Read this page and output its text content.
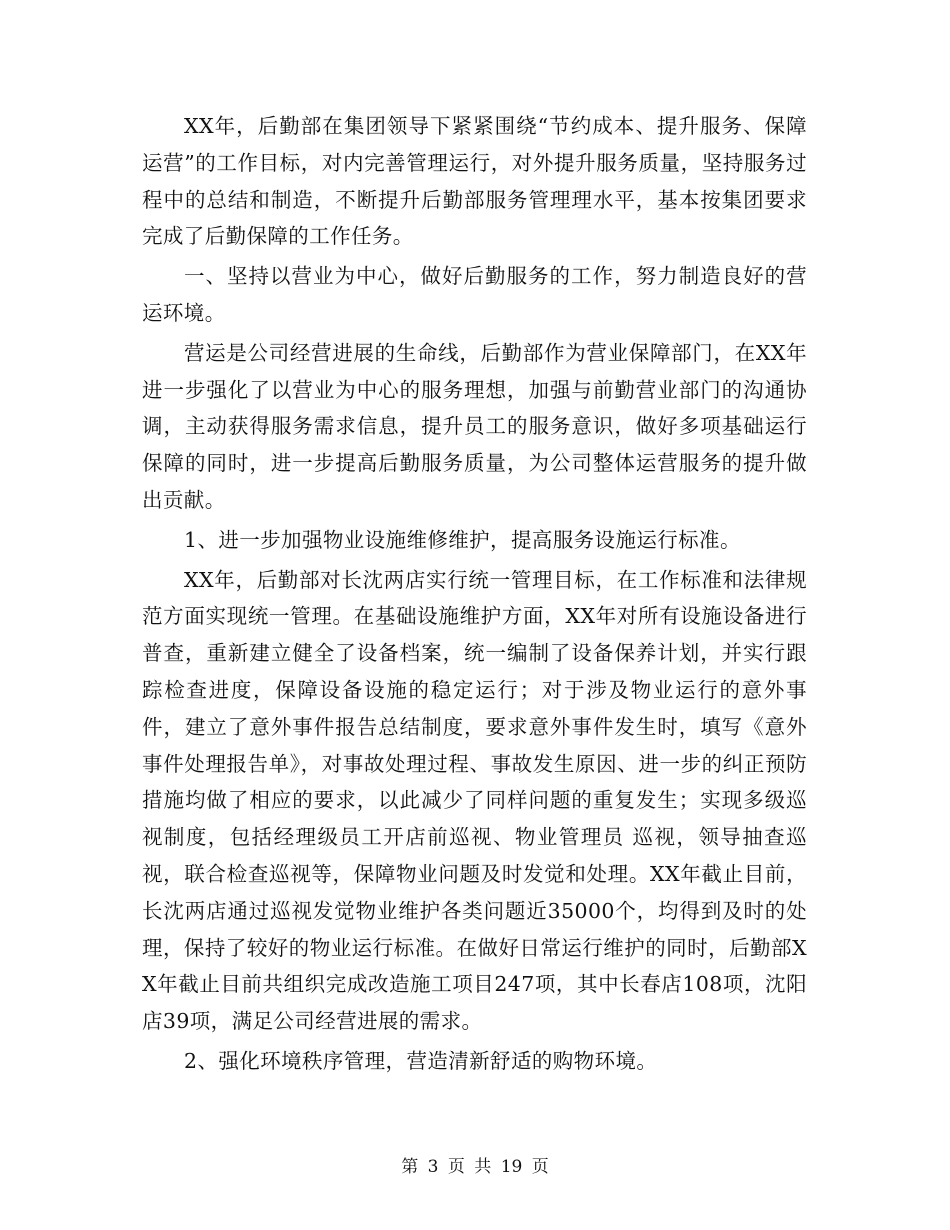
XX年，后勤部在集团领导下紧紧围绕“节约成本、提升服务、保障运营”的工作目标，对内完善管理运行，对外提升服务质量，坚持服务过程中的总结和制造，不断提升后勤部服务管理理水平，基本按集团要求完成了后勤保障的工作任务。

一、坚持以营业为中心，做好后勤服务的工作，努力制造良好的营运环境。

营运是公司经营进展的生命线，后勤部作为营业保障部门，在XX年进一步强化了以营业为中心的服务理想，加强与前勤营业部门的沟通协调，主动获得服务需求信息，提升员工的服务意识，做好多项基础运行保障的同时，进一步提高后勤服务质量，为公司整体运营服务的提升做出贡献。

1、进一步加强物业设施维修维护，提高服务设施运行标准。

XX年，后勤部对长沈两店实行统一管理目标，在工作标准和法律规范方面实现统一管理。在基础设施维护方面，XX年对所有设施设备进行普查，重新建立健全了设备档案，统一编制了设备保养计划，并实行跟踪检查进度，保障设备设施的稳定运行；对于涉及物业运行的意外事件，建立了意外事件报告总结制度，要求意外事件发生时，填写《意外事件处理报告单》，对事故处理过程、事故发生原因、进一步的纠正预防措施均做了相应的要求，以此减少了同样问题的重复发生；实现多级巡视制度，包括经理级员工开店前巡视、物业管理员 巡视，领导抽查巡视，联合检查巡视等，保障物业问题及时发觉和处理。XX年截止目前，长沈两店通过巡视发觉物业维护各类问题近35000个，均得到及时的处理，保持了较好的物业运行标准。在做好日常运行维护的同时，后勤部XX年截止目前共组织完成改造施工项目247项，其中长春店108项，沈阳店39项，满足公司经营进展的需求。

2、强化环境秩序管理，营造清新舒适的购物环境。

第 3 页 共 19 页
